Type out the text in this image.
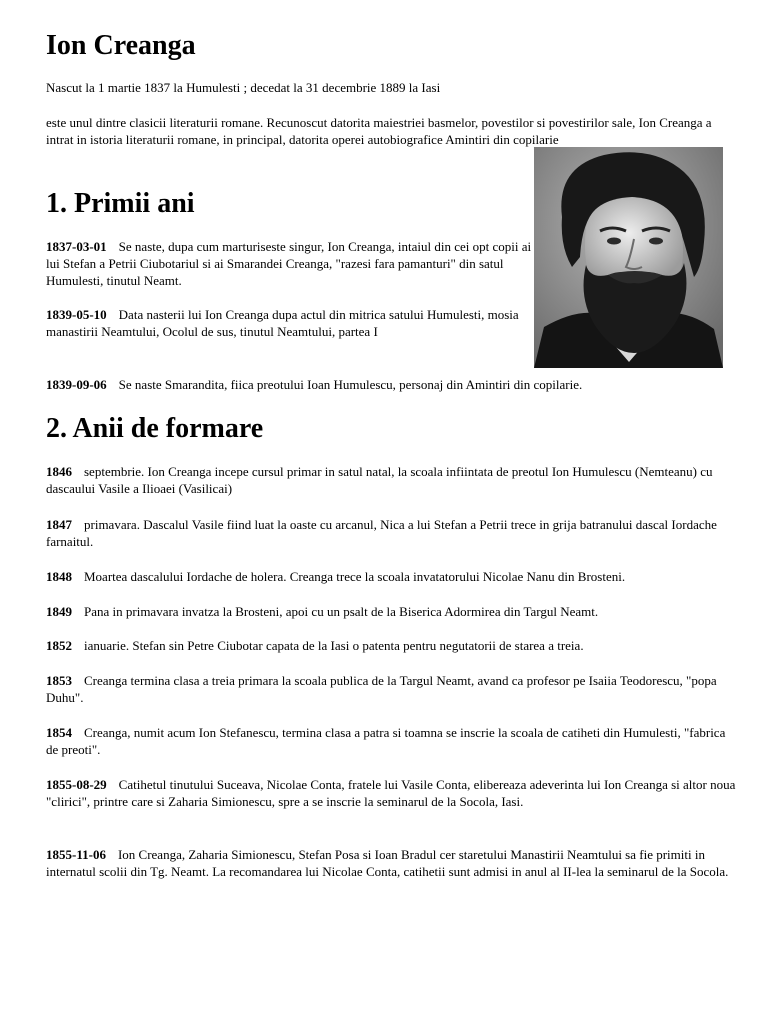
Ion Creanga

Nascut la 1 martie 1837 la Humulesti ; decedat la 31 decembrie 1889 la Iasi

este unul dintre clasicii literaturii romane. Recunoscut datorita maiestriei basmelor, povestilor si povestirilor sale, Ion Creanga a intrat in istoria literaturii romane, in principal, datorita operei autobiografice Amintiri din copilarie

1. Primii ani

1837-03-01 Se naste, dupa cum marturiseste singur, Ion Creanga, intaiul din cei opt copii ai lui Stefan a Petrii Ciubotariul si ai Smarandei Creanga, "razesi fara pamanturi" din satul Humulesti, tinutul Neamt.

1839-05-10 Data nasterii lui Ion Creanga dupa actul din mitrica satului Humulesti, mosia manastirii Neamtului, Ocolul de sus, tinutul Neamtului, partea I

1839-09-06 Se naste Smarandita, fiica preotului Ioan Humulescu, personaj din Amintiri din copilarie.

2. Anii de formare

1846 septembrie. Ion Creanga incepe cursul primar in satul natal, la scoala infiintata de preotul Ion Humulescu (Nemteanu) cu dascaului Vasile a Ilioaei (Vasilicai)

1847 primavara. Dascalul Vasile fiind luat la oaste cu arcanul, Nica a lui Stefan a Petrii trece in grija batranului dascal Iordache farnaitul.

1848 Moartea dascalului Iordache de holera. Creanga trece la scoala invatatorului Nicolae Nanu din Brosteni.

1849 Pana in primavara invatza la Brosteni, apoi cu un psalt de la Biserica Adormirea din Targul Neamt.

1852 ianuarie. Stefan sin Petre Ciubotar capata de la Iasi o patenta pentru negutatorii de starea a treia.

1853 Creanga termina clasa a treia primara la scoala publica de la Targul Neamt, avand ca profesor pe Isaiia Teodorescu, "popa Duhu".

1854 Creanga, numit acum Ion Stefanescu, termina clasa a patra si toamna se inscrie la scoala de catiheti din Humulesti, "fabrica de preoti".

1855-08-29 Catihetul tinutului Suceava, Nicolae Conta, fratele lui Vasile Conta, elibereaza adeverinta lui Ion Creanga si altor noua "clirici", printre care si Zaharia Simionescu, spre a se inscrie la seminarul de la Socola, Iasi.

1855-11-06 Ion Creanga, Zaharia Simionescu, Stefan Posa si Ioan Bradul cer staretului Manastirii Neamtului sa fie primiti in internatul scolii din Tg. Neamt. La recomandarea lui Nicolae Conta, catihetii sunt admisi in anul al II-lea la seminarul de la Socola.
